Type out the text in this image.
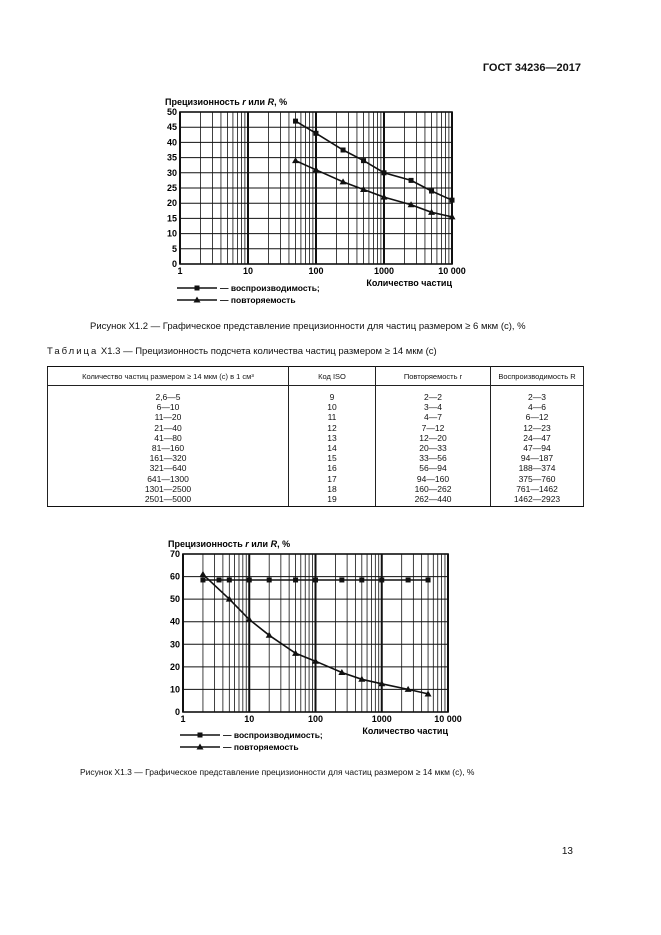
ГОСТ 34236—2017
0
5
10
15
20
25
30
35
40
45
50
1	10	100	1000	10 000
Прецизионность r или R, %
Количество частиц
— воспроизводимость;
— повторяемость
Рисунок X1.2 — Графическое представление прецизионности для частиц размером ≥ 6 мкм (c), %
Таблица X1.3 — Прецизионность подсчета количества частиц размером ≥ 14 мкм (c)
Количество частиц размером ≥ 14 мкм (с) в 1 см³	Код ISO	Повторяемость r	Воспроизводимость R
2,6—5	9	2—2	2—3
6—10	10	3—4	4—6
11—20	11	4—7	6—12
21—40	12	7—12	12—23
41—80	13	12—20	24—47
81—160	14	20—33	47—94
161—320	15	33—56	94—187
321—640	16	56—94	188—374
641—1300	17	94—160	375—760
1301—2500	18	160—262	761—1462
2501—5000	19	262—440	1462—2923
0
10
20
30
40
50
60
70
1	10	100	1000	10 000
Прецизионность r или R, %
Количество частиц
— воспроизводимость;
— повторяемость
Рисунок X1.3 — Графическое представление прецизионности для частиц размером ≥ 14 мкм (c), %
13
